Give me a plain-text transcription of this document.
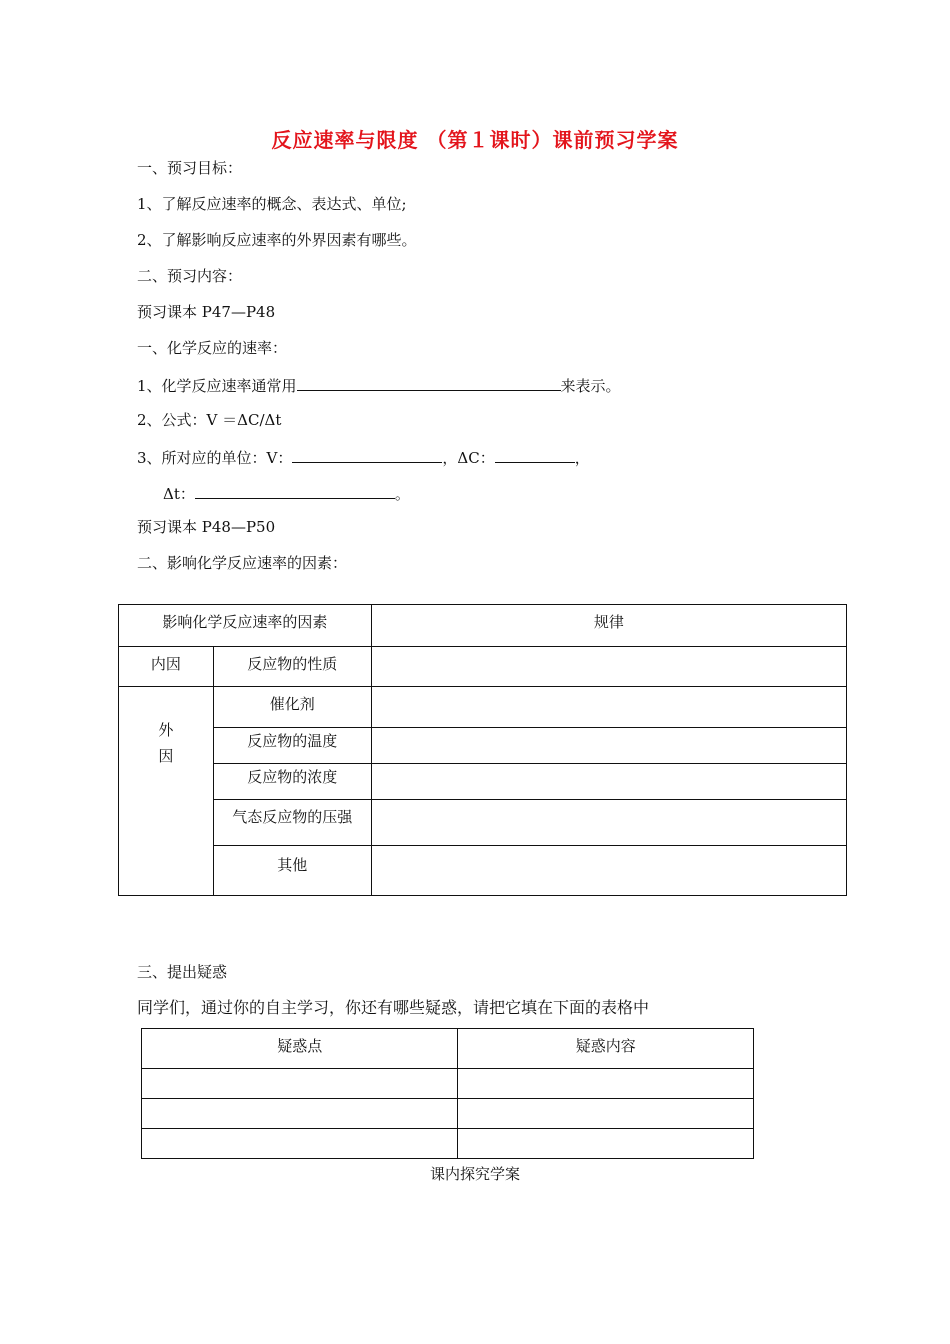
反应速率与限度 （第１课时）课前预习学案
一、预习目标：
1、了解反应速率的概念、表达式、单位;
2、了解影响反应速率的外界因素有哪些。
二、预习内容：
预习课本 P47—P48
一、化学反应的速率：
1、化学反应速率通常用	来表示。
2、公式：V ＝ΔC/Δt
3、所对应的单位：V：	，ΔC：	，
Δt：	。
预习课本 P48—P50
二、影响化学反应速率的因素：
影响化学反应速率的因素		规律

内因	反应物的性质	

外
因	催化剂	

	反应物的温度	

	反应物的浓度	

	气态反应物的压强	

	其他	

三、提出疑惑
同学们，通过你的自主学习，你还有哪些疑惑，请把它填在下面的表格中
疑惑点	疑惑内容

课内探究学案
